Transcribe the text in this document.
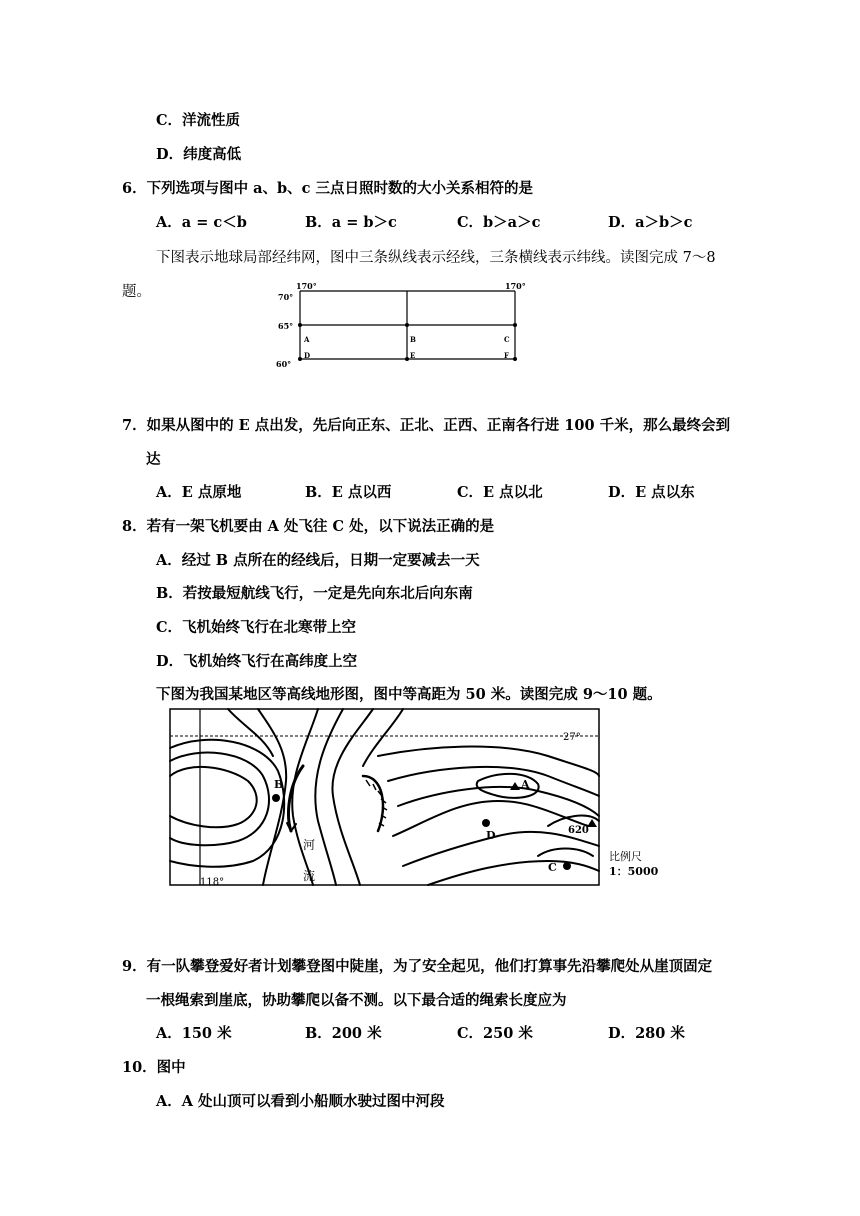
C．洋流性质
D．纬度高低
6．下列选项与图中 a、b、c 三点日照时数的大小关系相符的是
A．a = c＜b	B．a = b＞c	C．b＞a＞c	D．a＞b＞c
下图表示地球局部经纬网，图中三条纵线表示经线，三条横线表示纬线。读图完成 7～8
题。	170°	170°
70°
65°
60°
A	B	C
D	E	F
7．如果从图中的 E 点出发，先后向正东、正北、正西、正南各行进 100 千米，那么最终会到
达
A．E 点原地	B．E 点以西	C．E 点以北	D．E 点以东
8．若有一架飞机要由 A 处飞往 C 处，以下说法正确的是
A．经过 B 点所在的经线后，日期一定要减去一天
B．若按最短航线飞行，一定是先向东北后向东南
C．飞机始终飞行在北寒带上空
D．飞机始终飞行在高纬度上空
下图为我国某地区等高线地形图，图中等高距为 50 米。读图完成 9～10 题。
B	A
D
C
620
27°
118°
河
流
比例尺
1：5000
9．有一队攀登爱好者计划攀登图中陡崖，为了安全起见，他们打算事先沿攀爬处从崖顶固定
一根绳索到崖底，协助攀爬以备不测。以下最合适的绳索长度应为
A．150 米	B．200 米	C．250 米	D．280 米
10．图中
A．A 处山顶可以看到小船顺水驶过图中河段
